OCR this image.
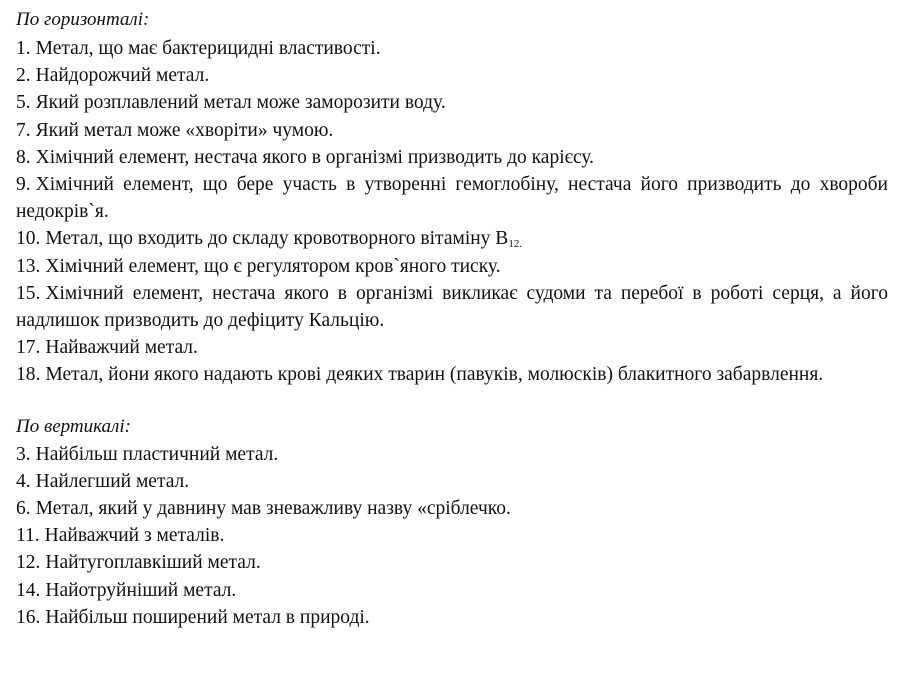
По горизонталі:

1. Метал, що має бактерицидні властивості.

2. Найдорожчий метал.

5. Який розплавлений метал може заморозити воду.

7. Який метал може «хворіти» чумою.

8. Хімічний елемент, нестача якого в організмі призводить до карієсу.

9. Хімічний елемент, що бере участь в утворенні гемоглобіну, нестача його призводить до хвороби недокрів`я.

10. Метал, що входить до складу кровотворного вітаміну $В_{12.}$

13. Хімічний елемент, що є регулятором кров`яного тиску.

15. Хімічний елемент, нестача якого в організмі викликає судоми та перебої в роботі серця, а його надлишок призводить до дефіциту Кальцію.

17. Найважчий метал.

18. Метал, йони якого надають крові деяких тварин (павуків, молюсків) блакитного забарвлення.

По вертикалі:

3. Найбільш пластичний метал.

4. Найлегший метал.

6. Метал, який у давнину мав зневажливу назву «сріблечко.

11. Найважчий з металів.

12. Найтугоплавкіший метал.

14. Найотруйніший метал.

16. Найбільш поширений метал в природі.
